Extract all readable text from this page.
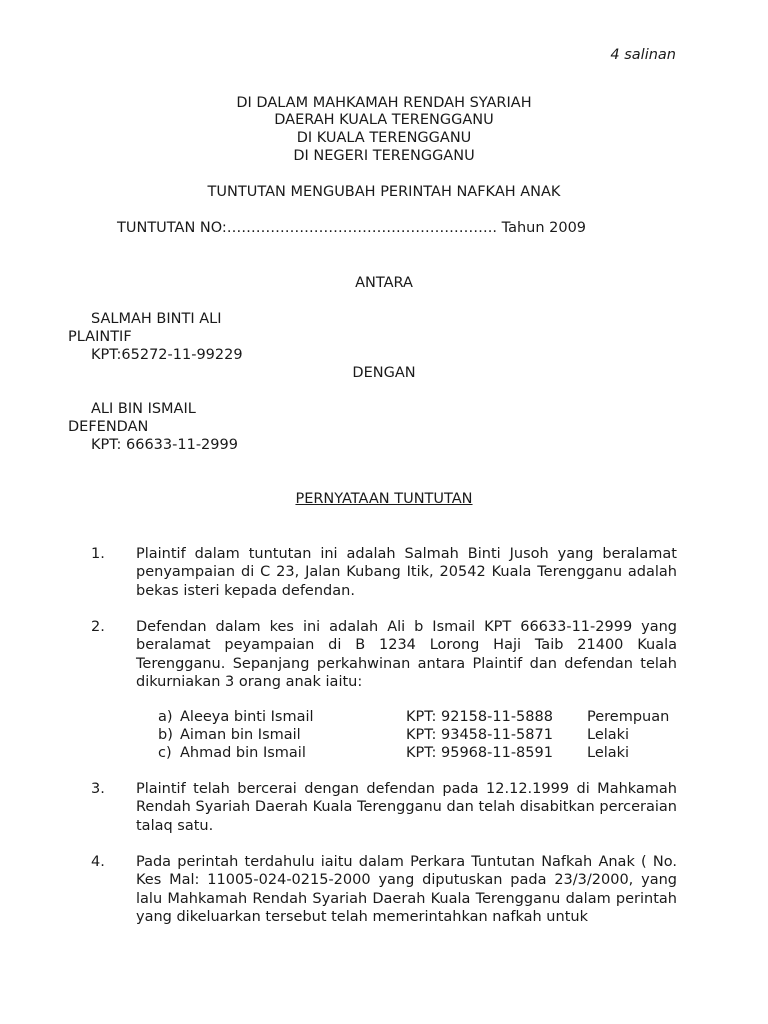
4 salinan
DI DALAM MAHKAMAH RENDAH SYARIAH
DAERAH KUALA TERENGGANU
DI KUALA TERENGGANU
DI NEGERI TERENGGANU
TUNTUTAN MENGUBAH PERINTAH NAFKAH ANAK
TUNTUTAN NO:……………………………………………….. Tahun 2009
ANTARA
SALMAH BINTI ALI
PLAINTIF
KPT:65272-11-99229
DENGAN
ALI BIN ISMAIL
DEFENDAN
KPT: 66633-11-2999
PERNYATAAN TUNTUTAN
1. Plaintif dalam tuntutan ini adalah Salmah Binti Jusoh yang beralamat penyampaian di C 23, Jalan Kubang Itik, 20542 Kuala Terengganu adalah bekas isteri kepada defendan.
2. Defendan dalam kes ini adalah Ali b Ismail KPT 66633-11-2999 yang beralamat peyampaian di B 1234 Lorong Haji Taib 21400 Kuala Terengganu. Sepanjang perkahwinan antara Plaintif dan defendan telah dikurniakan 3 orang anak iaitu:
a) Aleeya binti Ismail	KPT: 92158-11-5888 Perempuan
b) Aiman bin Ismail	KPT: 93458-11-5871 Lelaki
c) Ahmad bin Ismail	KPT: 95968-11-8591 Lelaki
3. Plaintif telah bercerai dengan defendan pada 12.12.1999 di Mahkamah Rendah Syariah Daerah Kuala Terengganu dan telah disabitkan perceraian talaq satu.
4. Pada perintah terdahulu iaitu dalam Perkara Tuntutan Nafkah Anak ( No. Kes Mal: 11005-024-0215-2000 yang diputuskan pada 23/3/2000, yang lalu Mahkamah Rendah Syariah Daerah Kuala Terengganu dalam perintah yang dikeluarkan tersebut telah memerintahkan nafkah untuk
